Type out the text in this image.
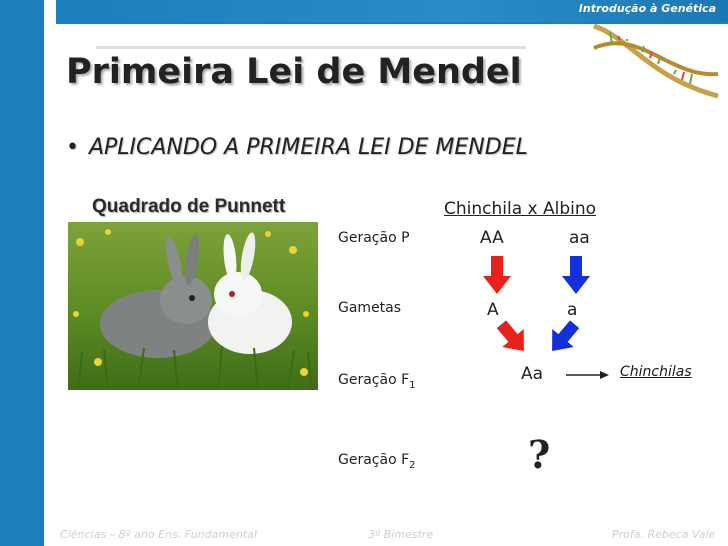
Introdução à Genética
Primeira Lei de Mendel
• APLICANDO A PRIMEIRA LEI DE MENDEL
Quadrado de Punnett
Geração P
Gametas
Geração $F_1$
Geração $F_2$
Chinchila x Albino
AA	aa
A	a
Aa	Chinchilas
?
Ciências – 8º ano Ens. Fundamental	3º Bimestre	Profa. Rebeca Vale
